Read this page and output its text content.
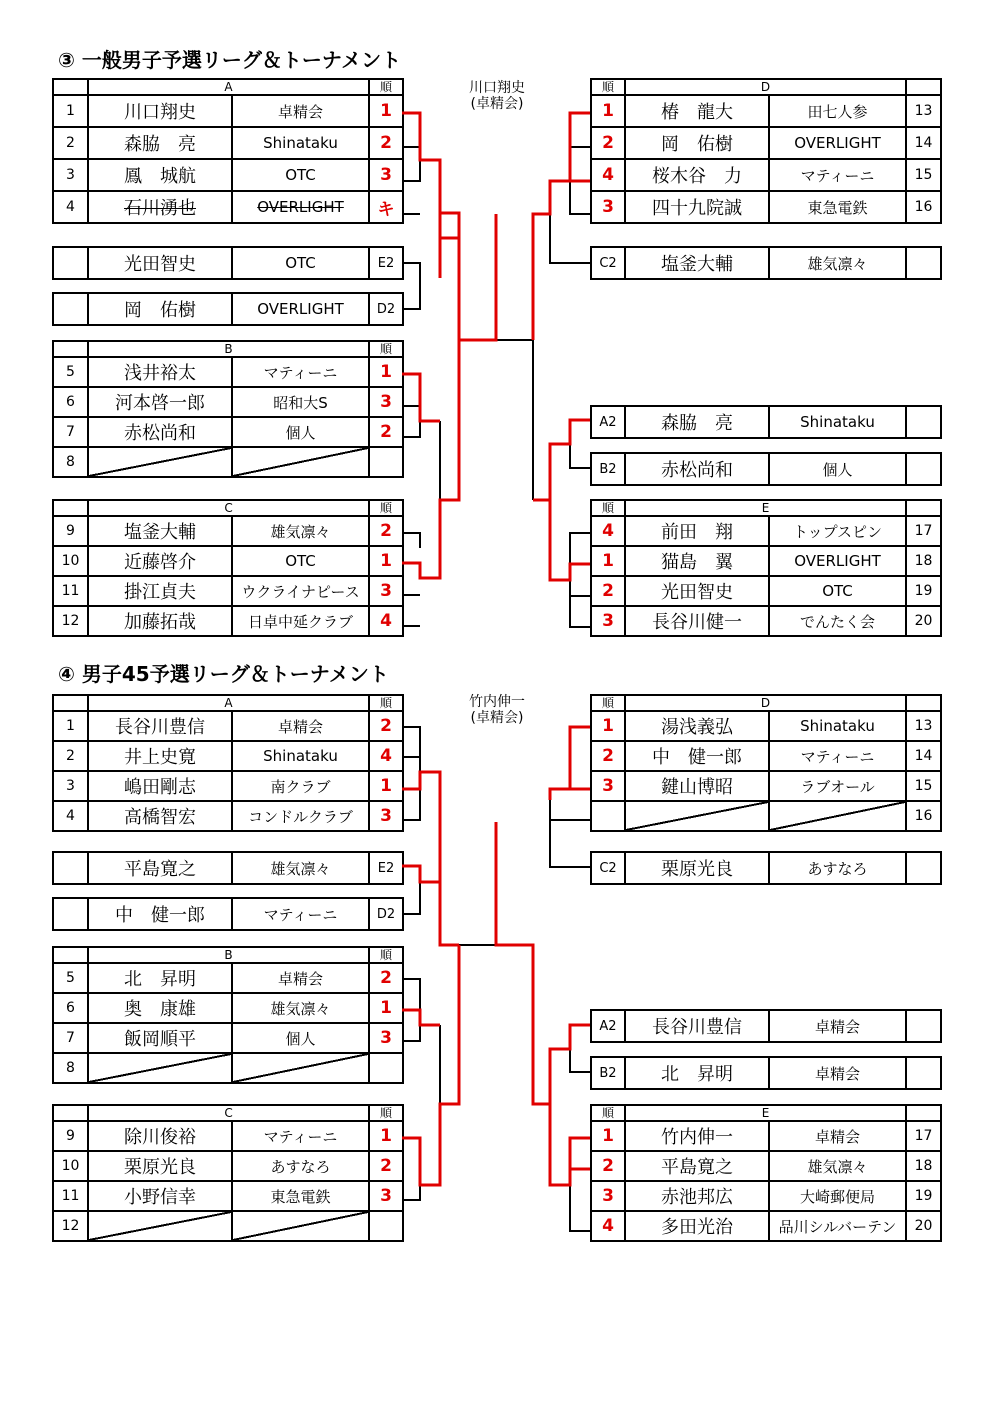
③ 一般男子予選リーグ＆トーナメント
川口翔史
(卓精会)
	A		順
1	川口翔史	卓精会	1
2	森脇　亮	Shinataku	2
3	鳳　城航	OTC	3
4	石川湧也	OVERLIGHT	キ
	光田智史	OTC	E2
	岡　佑樹	OVERLIGHT	D2
	B		順
5	浅井裕太	マティーニ	1
6	河本啓一郎	昭和大S	3
7	赤松尚和	個人	2
8			
	C		順
9	塩釜大輔	雄気凛々	2
10	近藤啓介	OTC	1
11	掛江貞夫	ウクライナピース	3
12	加藤拓哉	日卓中延クラブ	4
順	D		
1	椿　龍大	田七人参	13
2	岡　佑樹	OVERLIGHT	14
4	桜木谷　力	マティーニ	15
3	四十九院誠	東急電鉄	16
C2	塩釜大輔	雄気凛々	
A2	森脇　亮	Shinataku	
B2	赤松尚和	個人	
順	E		
4	前田　翔	トップスピン	17
1	猫島　翼	OVERLIGHT	18
2	光田智史	OTC	19
3	長谷川健一	でんたく会	20
④ 男子45予選リーグ＆トーナメント
竹内伸一
(卓精会)
	A		順
1	長谷川豊信	卓精会	2
2	井上史寛	Shinataku	4
3	嶋田剛志	南クラブ	1
4	高橋智宏	コンドルクラブ	3
	平島寛之	雄気凛々	E2
	中　健一郎	マティーニ	D2
	B		順
5	北　昇明	卓精会	2
6	奥　康雄	雄気凛々	1
7	飯岡順平	個人	3
8			
	C		順
9	除川俊裕	マティーニ	1
10	栗原光良	あすなろ	2
11	小野信幸	東急電鉄	3
12			
順	D		
1	湯浅義弘	Shinataku	13
2	中　健一郎	マティーニ	14
3	鍵山博昭	ラブオール	15
			16
C2	栗原光良	あすなろ	
A2	長谷川豊信	卓精会	
B2	北　昇明	卓精会	
順	E		
1	竹内伸一	卓精会	17
2	平島寛之	雄気凛々	18
3	赤池邦広	大崎郵便局	19
4	多田光治	品川シルバーテン	20
